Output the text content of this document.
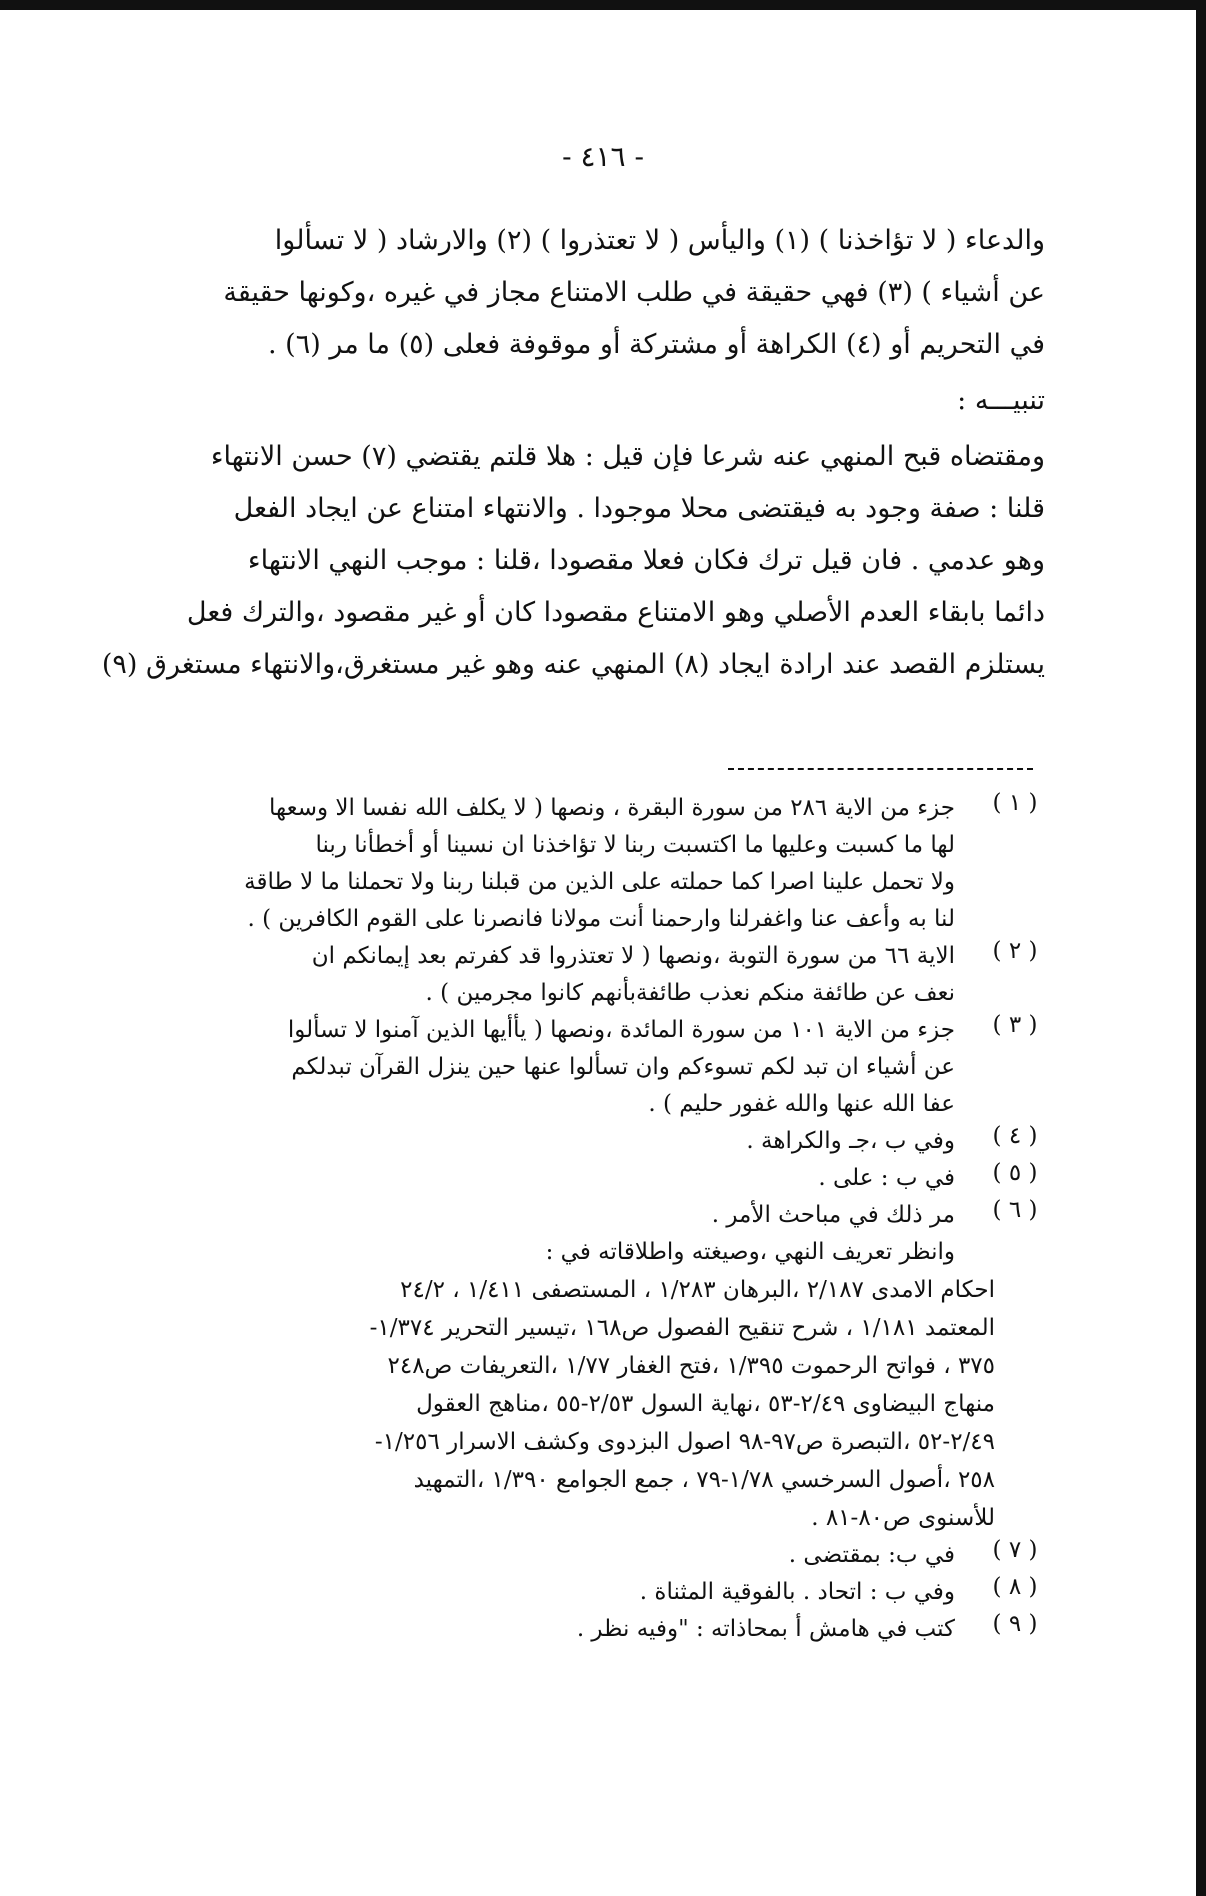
- ٤١٦ -
والدعاء ( لا تؤاخذنا ) (١) واليأس ( لا تعتذروا ) (٢) والارشاد ( لا تسألوا
عن أشياء ) (٣) فهي حقيقة في طلب الامتناع مجاز في غيره ،وكونها حقيقة
في التحريم أو (٤) الكراهة أو مشتركة أو موقوفة فعلى (٥) ما مر (٦) .
تنبيـــه :
ومقتضاه قبح المنهي عنه شرعا فإن قيل : هلا قلتم يقتضي (٧) حسن الانتهاء
قلنا : صفة وجود به فيقتضى محلا موجودا . والانتهاء امتناع عن ايجاد الفعل
وهو عدمي . فان قيل ترك فكان فعلا مقصودا ،قلنا : موجب النهي الانتهاء
دائما بابقاء العدم الأصلي وهو الامتناع مقصودا كان أو غير مقصود ،والترك فعل
يستلزم القصد عند ارادة ايجاد (٨) المنهي عنه وهو غير مستغرق،والانتهاء مستغرق (٩)
( ١ )
جزء من الاية ٢٨٦ من سورة البقرة ، ونصها ( لا يكلف الله نفسا الا وسعها
لها ما كسبت وعليها ما اكتسبت ربنا لا تؤاخذنا ان نسينا أو أخطأنا ربنا
ولا تحمل علينا اصرا كما حملته على الذين من قبلنا ربنا ولا تحملنا ما لا طاقة
لنا به وأعف عنا واغفرلنا وارحمنا أنت مولانا فانصرنا على القوم الكافرين ) .
( ٢ )
الاية ٦٦ من سورة التوبة ،ونصها ( لا تعتذروا قد كفرتم بعد إيمانكم ان
نعف عن طائفة منكم نعذب طائفةبأنهم كانوا مجرمين ) .
( ٣ )
جزء من الاية ١٠١ من سورة المائدة ،ونصها ( يأأيها الذين آمنوا لا تسألوا
عن أشياء ان تبد لكم تسوءكم وان تسألوا عنها حين ينزل القرآن تبدلكم
عفا الله عنها والله غفور حليم ) .
( ٤ )
وفي ب ،جـ والكراهة .
( ٥ )
في ب : على .
( ٦ )
مر ذلك في مباحث الأمر .
وانظر تعريف النهي ،وصيغته واطلاقاته في :
احكام الامدى ٢/١٨٧ ،البرهان ١/٢٨٣ ، المستصفى ١/٤١١ ، ٢٤/٢
المعتمد ١/١٨١ ، شرح تنقيح الفصول ص١٦٨ ،تيسير التحرير ١/٣٧٤-
٣٧٥ ، فواتح الرحموت ١/٣٩٥ ،فتح الغفار ١/٧٧ ،التعريفات ص٢٤٨
منهاج البيضاوى ٢/٤٩-٥٣ ،نهاية السول ٢/٥٣-٥٥ ،مناهج العقول
٢/٤٩-٥٢ ،التبصرة ص٩٧-٩٨ اصول البزدوى وكشف الاسرار ١/٢٥٦-
٢٥٨ ،أصول السرخسي ١/٧٨-٧٩ ، جمع الجوامع ١/٣٩٠ ،التمهيد
للأسنوى ص٨٠-٨١ .
( ٧ )
في ب: بمقتضى .
( ٨ )
وفي ب : اتحاد . بالفوقية المثناة .
( ٩ )
كتب في هامش أ بمحاذاته : "وفيه نظر .
